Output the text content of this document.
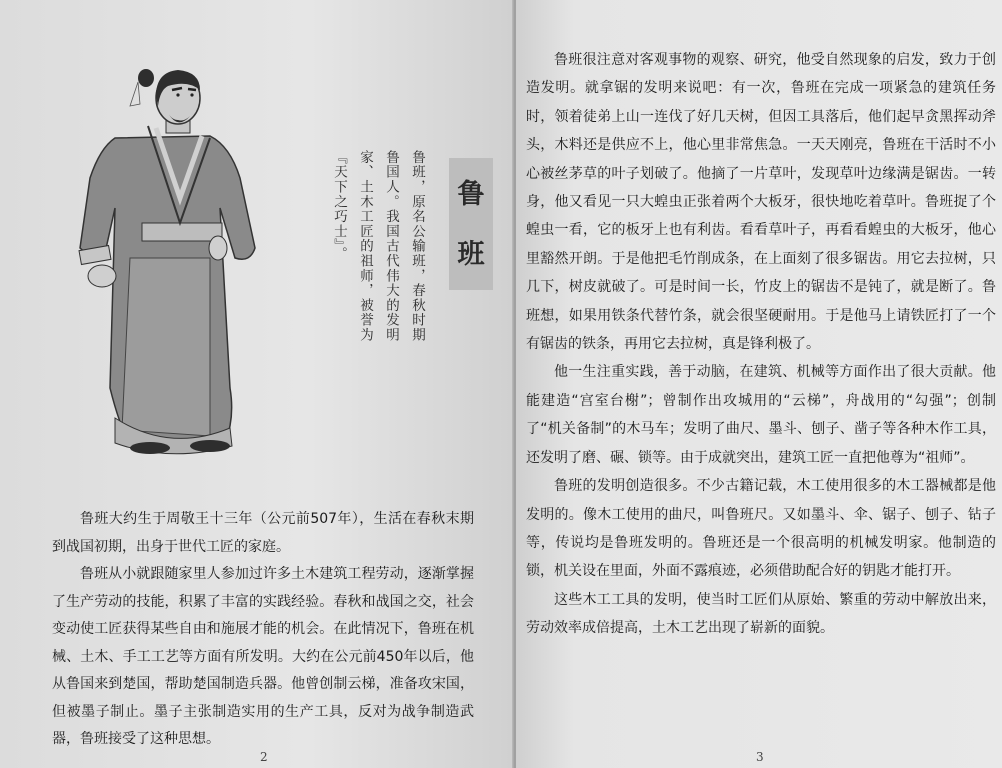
鲁
班
鲁班，原名公输班，春秋时期鲁国人。我国古代伟大的发明家、土木工匠的祖师，被誉为『天下之巧士』。

鲁班大约生于周敬王十三年（公元前507年），生活在春秋末期到战国初期，出身于世代工匠的家庭。

鲁班从小就跟随家里人参加过许多土木建筑工程劳动，逐渐掌握了生产劳动的技能，积累了丰富的实践经验。春秋和战国之交，社会变动使工匠获得某些自由和施展才能的机会。在此情况下，鲁班在机械、土木、手工工艺等方面有所发明。大约在公元前450年以后，他从鲁国来到楚国，帮助楚国制造兵器。他曾创制云梯，准备攻宋国，但被墨子制止。墨子主张制造实用的生产工具，反对为战争制造武器，鲁班接受了这种思想。

2

鲁班很注意对客观事物的观察、研究，他受自然现象的启发，致力于创造发明。就拿锯的发明来说吧：有一次，鲁班在完成一项紧急的建筑任务时，领着徒弟上山一连伐了好几天树，但因工具落后，他们起早贪黑挥动斧头，木料还是供应不上，他心里非常焦急。一天天刚亮，鲁班在干活时不小心被丝茅草的叶子划破了。他摘了一片草叶，发现草叶边缘满是锯齿。一转身，他又看见一只大蝗虫正张着两个大板牙，很快地吃着草叶。鲁班捉了个蝗虫一看，它的板牙上也有利齿。看看草叶子，再看看蝗虫的大板牙，他心里豁然开朗。于是他把毛竹削成条，在上面刻了很多锯齿。用它去拉树，只几下，树皮就破了。可是时间一长，竹皮上的锯齿不是钝了，就是断了。鲁班想，如果用铁条代替竹条，就会很坚硬耐用。于是他马上请铁匠打了一个有锯齿的铁条，再用它去拉树，真是锋利极了。

他一生注重实践，善于动脑，在建筑、机械等方面作出了很大贡献。他能建造“宫室台榭”；曾制作出攻城用的“云梯”，舟战用的“勾强”；创制了“机关备制”的木马车；发明了曲尺、墨斗、刨子、凿子等各种木作工具，还发明了磨、碾、锁等。由于成就突出，建筑工匠一直把他尊为“祖师”。

鲁班的发明创造很多。不少古籍记载，木工使用很多的木工器械都是他发明的。像木工使用的曲尺，叫鲁班尺。又如墨斗、伞、锯子、刨子、钻子等，传说均是鲁班发明的。鲁班还是一个很高明的机械发明家。他制造的锁，机关设在里面，外面不露痕迹，必须借助配合好的钥匙才能打开。

这些木工工具的发明，使当时工匠们从原始、繁重的劳动中解放出来，劳动效率成倍提高，土木工艺出现了崭新的面貌。

3
